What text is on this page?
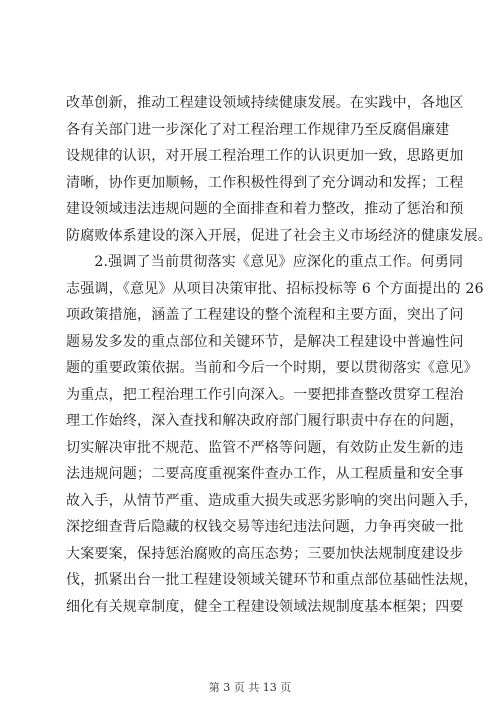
改革创新，推动工程建设领域持续健康发展。在实践中，各地区
各有关部门进一步深化了对工程治理工作规律乃至反腐倡廉建
设规律的认识，对开展工程治理工作的认识更加一致，思路更加
清晰，协作更加顺畅，工作积极性得到了充分调动和发挥；工程
建设领域违法违规问题的全面排查和着力整改，推动了惩治和预
防腐败体系建设的深入开展，促进了社会主义市场经济的健康发展。
　　2.强调了当前贯彻落实《意见》应深化的重点工作。何勇同
志强调，《意见》从项目决策审批、招标投标等 6 个方面提出的 26
项政策措施，涵盖了工程建设的整个流程和主要方面，突出了问
题易发多发的重点部位和关键环节，是解决工程建设中普遍性问
题的重要政策依据。当前和今后一个时期，要以贯彻落实《意见》
为重点，把工程治理工作引向深入。一要把排查整改贯穿工程治
理工作始终，深入查找和解决政府部门履行职责中存在的问题，
切实解决审批不规范、监管不严格等问题，有效防止发生新的违
法违规问题；二要高度重视案件查办工作，从工程质量和安全事
故入手，从情节严重、造成重大损失或恶劣影响的突出问题入手，
深挖细查背后隐藏的权钱交易等违纪违法问题，力争再突破一批
大案要案，保持惩治腐败的高压态势；三要加快法规制度建设步
伐，抓紧出台一批工程建设领域关键环节和重点部位基础性法规，
细化有关规章制度，健全工程建设领域法规制度基本框架；四要
第 3 页 共 13 页
